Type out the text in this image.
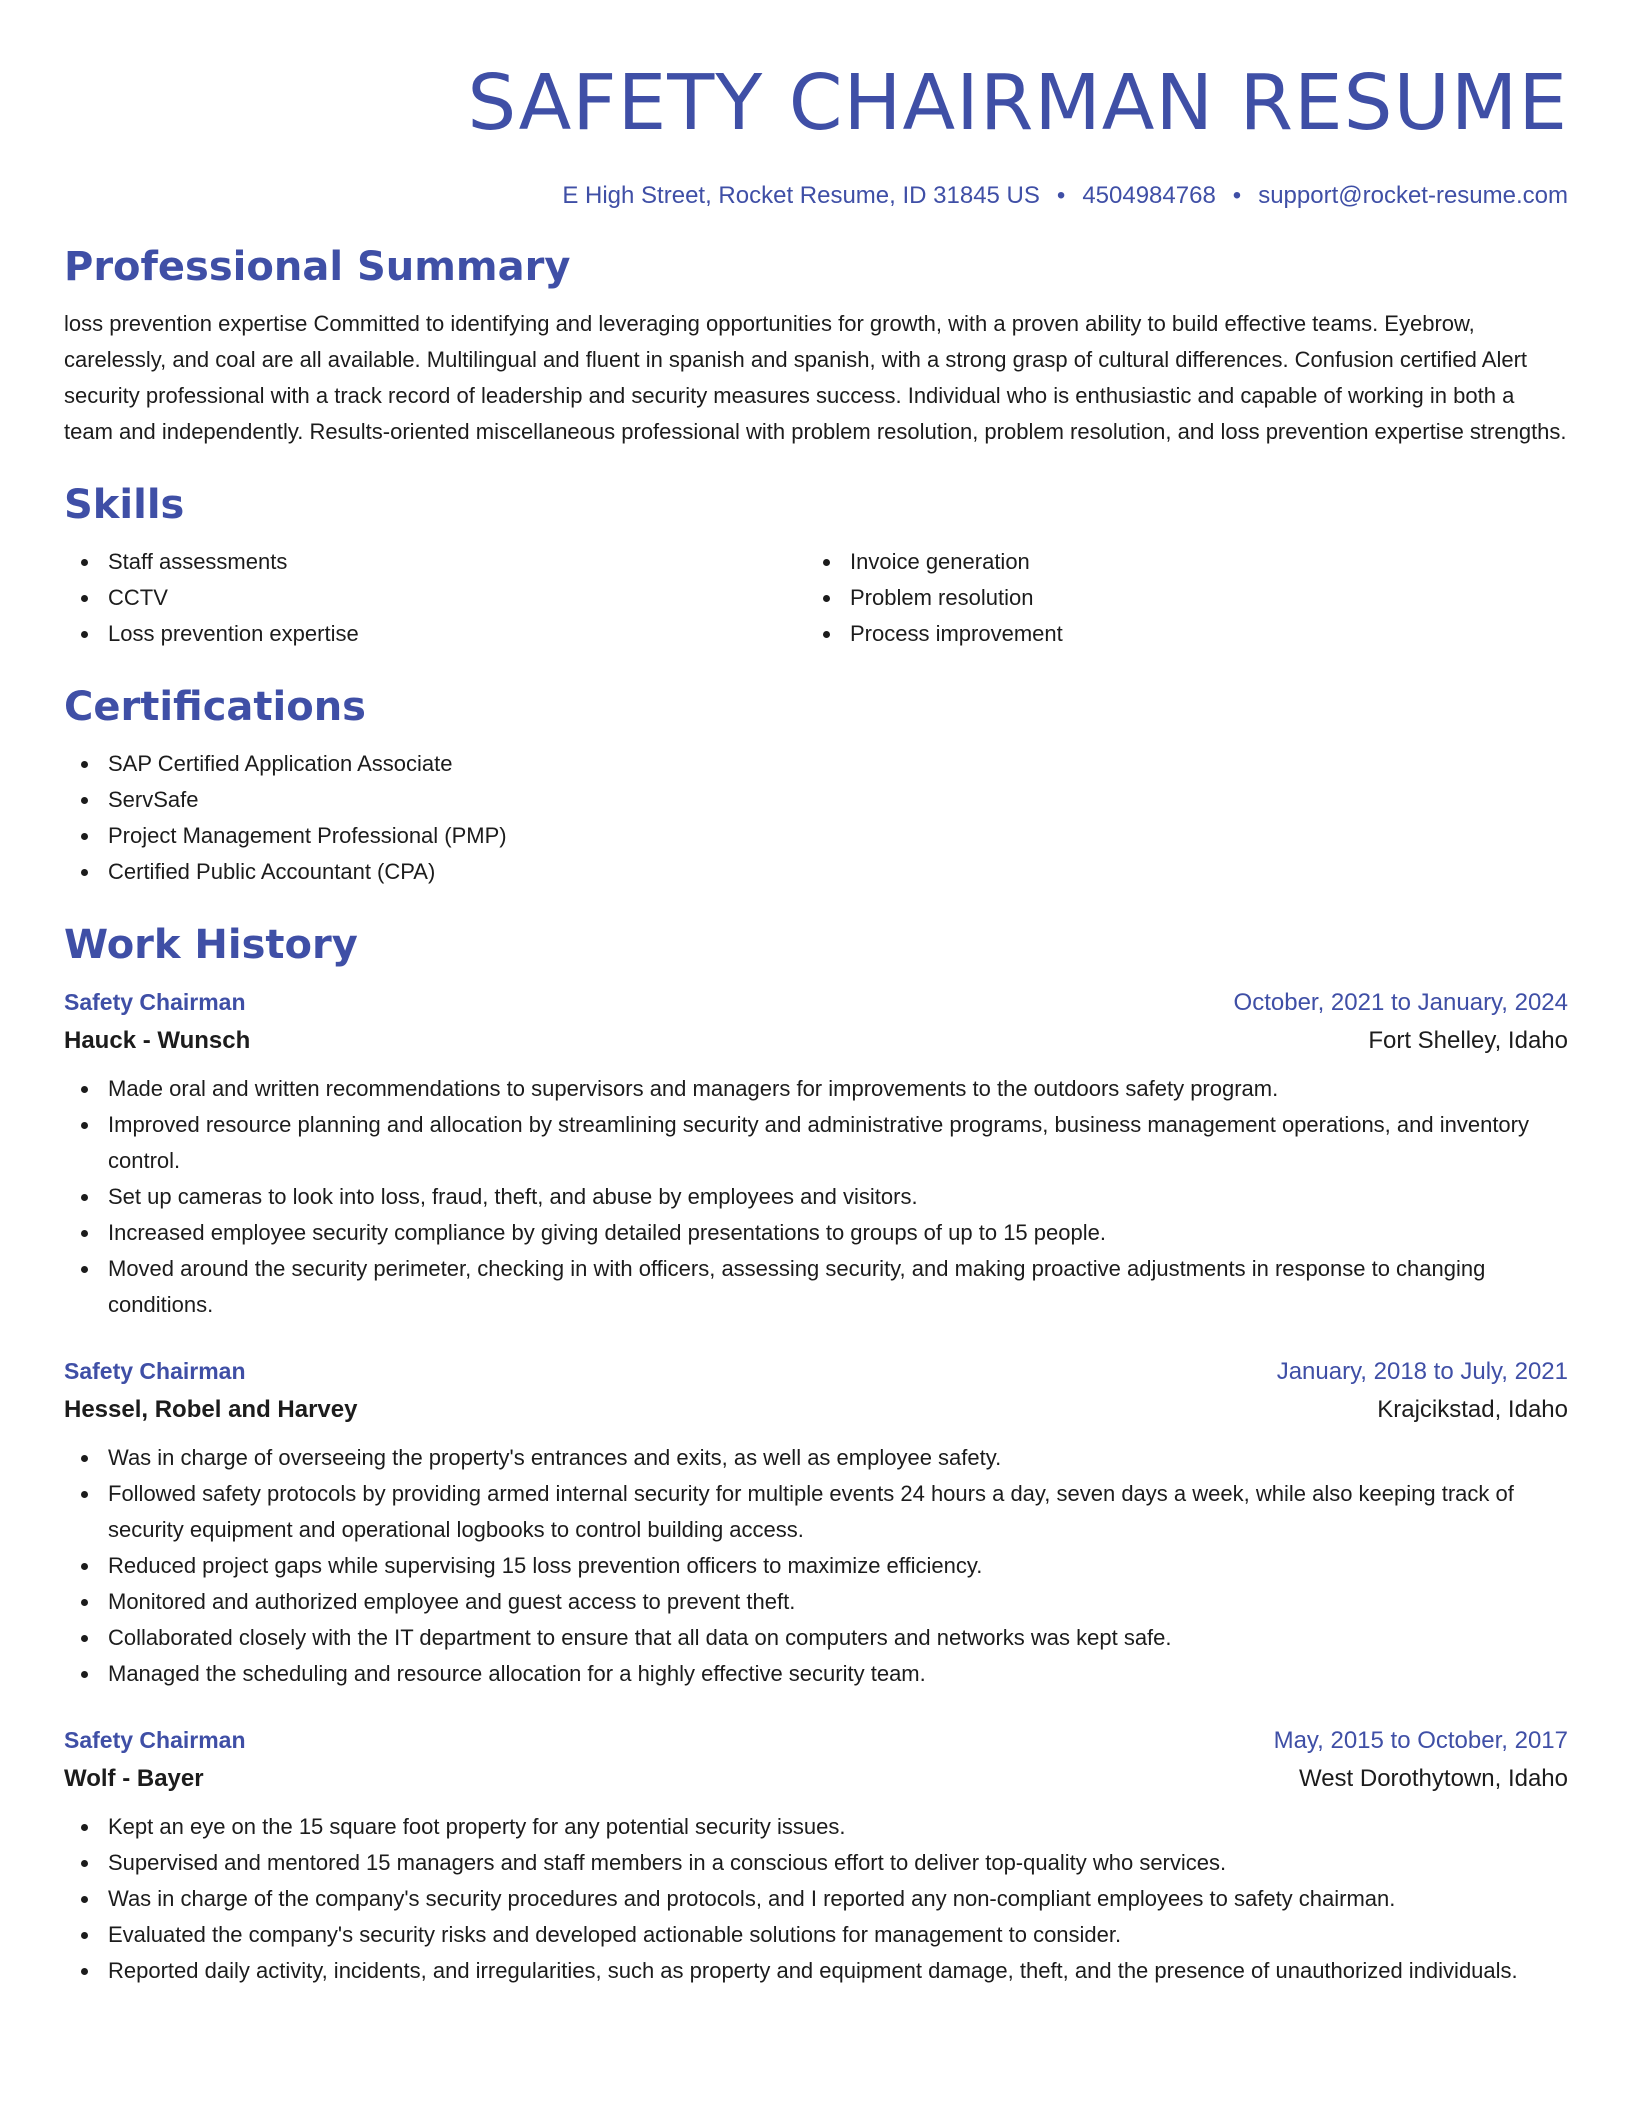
SAFETY CHAIRMAN RESUME
E High Street, Rocket Resume, ID 31845 US • 4504984768 • support@rocket-resume.com
Professional Summary

loss prevention expertise Committed to identifying and leveraging opportunities for growth, with a proven ability to build effective teams. Eyebrow, carelessly, and coal are all available. Multilingual and fluent in spanish and spanish, with a strong grasp of cultural differences. Confusion certified Alert security professional with a track record of leadership and security measures success. Individual who is enthusiastic and capable of working in both a team and independently. Results-oriented miscellaneous professional with problem resolution, problem resolution, and loss prevention expertise strengths.

Skills
Staff assessments
CCTV
Loss prevention expertise
Invoice generation
Problem resolution
Process improvement
Certifications
SAP Certified Application Associate
ServSafe
Project Management Professional (PMP)
Certified Public Accountant (CPA)
Work History
Safety Chairman	October, 2021 to January, 2024
Hauck - Wunsch	Fort Shelley, Idaho
Made oral and written recommendations to supervisors and managers for improvements to the outdoors safety program.
Improved resource planning and allocation by streamlining security and administrative programs, business management operations, and inventory control.
Set up cameras to look into loss, fraud, theft, and abuse by employees and visitors.
Increased employee security compliance by giving detailed presentations to groups of up to 15 people.
Moved around the security perimeter, checking in with officers, assessing security, and making proactive adjustments in response to changing conditions.
Safety Chairman	January, 2018 to July, 2021
Hessel, Robel and Harvey	Krajcikstad, Idaho
Was in charge of overseeing the property's entrances and exits, as well as employee safety.
Followed safety protocols by providing armed internal security for multiple events 24 hours a day, seven days a week, while also keeping track of security equipment and operational logbooks to control building access.
Reduced project gaps while supervising 15 loss prevention officers to maximize efficiency.
Monitored and authorized employee and guest access to prevent theft.
Collaborated closely with the IT department to ensure that all data on computers and networks was kept safe.
Managed the scheduling and resource allocation for a highly effective security team.
Safety Chairman	May, 2015 to October, 2017
Wolf - Bayer	West Dorothytown, Idaho
Kept an eye on the 15 square foot property for any potential security issues.
Supervised and mentored 15 managers and staff members in a conscious effort to deliver top-quality who services.
Was in charge of the company's security procedures and protocols, and I reported any non-compliant employees to safety chairman.
Evaluated the company's security risks and developed actionable solutions for management to consider.
Reported daily activity, incidents, and irregularities, such as property and equipment damage, theft, and the presence of unauthorized individuals.
